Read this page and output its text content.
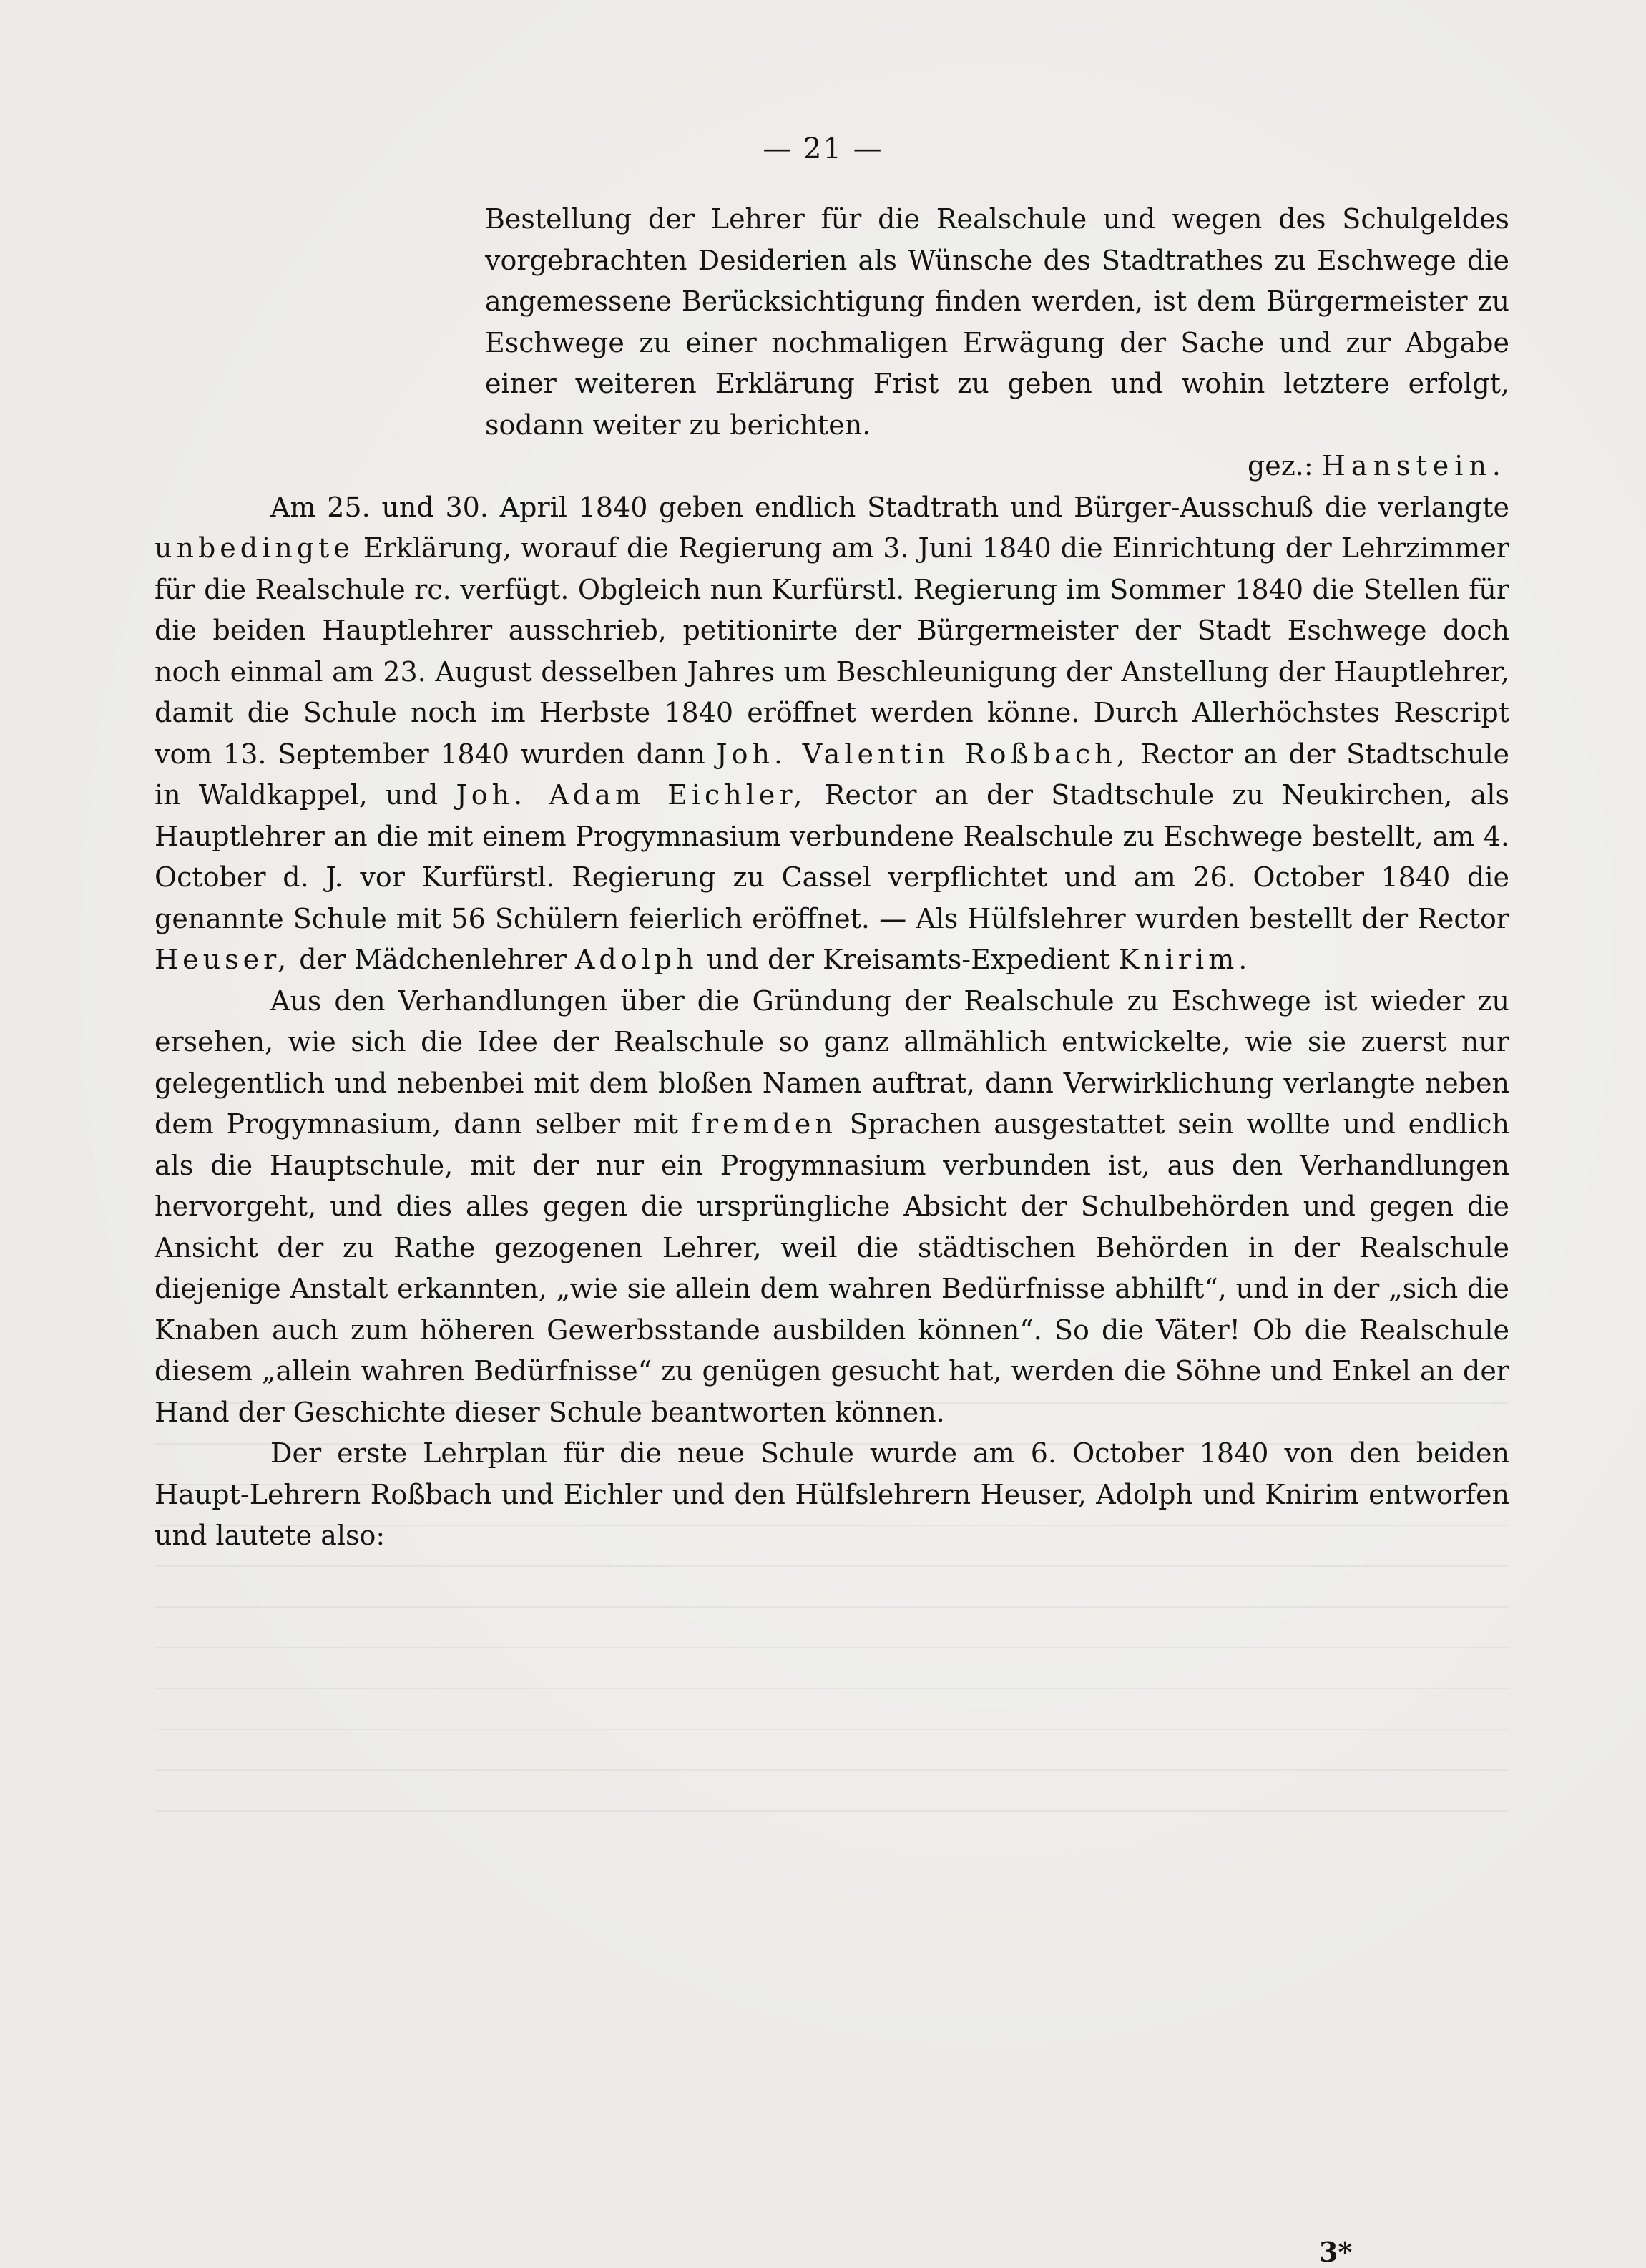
— 21 —

Bestellung der Lehrer für die Realschule und wegen des Schulgeldes vorgebrachten Desiderien als Wünsche des Stadtrathes zu Eschwege die angemessene Berücksichtigung finden werden, ist dem Bürgermeister zu Eschwege zu einer nochmaligen Erwägung der Sache und zur Abgabe einer weiteren Erklärung Frist zu geben und wohin letztere erfolgt, sodann weiter zu berichten.

gez.: Hanstein.

Am 25. und 30. April 1840 geben endlich Stadtrath und Bürger-Ausschuß die verlangte unbedingte Erklärung, worauf die Regierung am 3. Juni 1840 die Einrichtung der Lehrzimmer für die Realschule rc. verfügt. Obgleich nun Kurfürstl. Regierung im Sommer 1840 die Stellen für die beiden Hauptlehrer ausschrieb, petitionirte der Bürgermeister der Stadt Eschwege doch noch einmal am 23. August desselben Jahres um Beschleunigung der Anstellung der Hauptlehrer, damit die Schule noch im Herbste 1840 eröffnet werden könne. Durch Allerhöchstes Rescript vom 13. September 1840 wurden dann Joh. Valentin Roßbach, Rector an der Stadtschule in Waldkappel, und Joh. Adam Eichler, Rector an der Stadtschule zu Neukirchen, als Hauptlehrer an die mit einem Progymnasium verbundene Realschule zu Eschwege bestellt, am 4. October d. J. vor Kurfürstl. Regierung zu Cassel verpflichtet und am 26. October 1840 die genannte Schule mit 56 Schülern feierlich eröffnet. — Als Hülfslehrer wurden bestellt der Rector Heuser, der Mädchenlehrer Adolph und der Kreisamts-Expedient Knirim.

Aus den Verhandlungen über die Gründung der Realschule zu Eschwege ist wieder zu ersehen, wie sich die Idee der Realschule so ganz allmählich entwickelte, wie sie zuerst nur gelegentlich und nebenbei mit dem bloßen Namen auftrat, dann Verwirklichung verlangte neben dem Progymnasium, dann selber mit fremden Sprachen ausgestattet sein wollte und endlich als die Hauptschule, mit der nur ein Progymnasium verbunden ist, aus den Verhandlungen hervorgeht, und dies alles gegen die ursprüngliche Absicht der Schulbehörden und gegen die Ansicht der zu Rathe gezogenen Lehrer, weil die städtischen Behörden in der Realschule diejenige Anstalt erkannten, „wie sie allein dem wahren Bedürfnisse abhilft“, und in der „sich die Knaben auch zum höheren Gewerbsstande ausbilden können“. So die Väter! Ob die Realschule diesem „allein wahren Bedürfnisse“ zu genügen gesucht hat, werden die Söhne und Enkel an der Hand der Geschichte dieser Schule beantworten können.

Der erste Lehrplan für die neue Schule wurde am 6. October 1840 von den beiden Haupt-Lehrern Roßbach und Eichler und den Hülfslehrern Heuser, Adolph und Knirim entworfen und lautete also:

3*
